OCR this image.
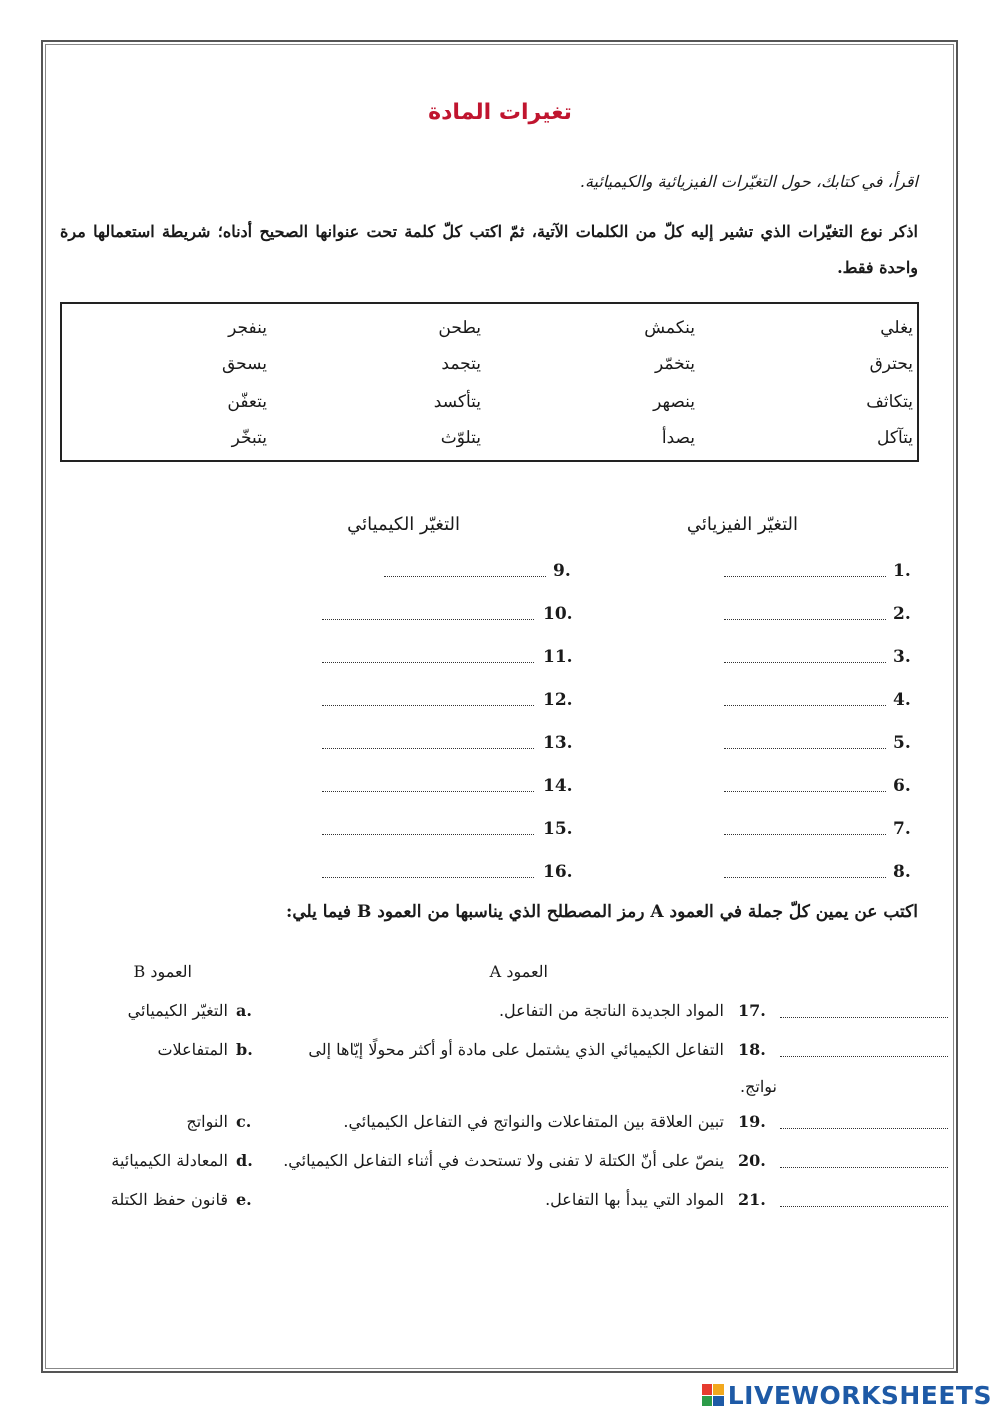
تغيرات المادة
اقرأ، في كتابك، حول التغيّرات الفيزيائية والكيميائية.
اذكر نوع التغيّرات الذي تشير إليه كلّ من الكلمات الآتية، ثمّ اكتب كلّ كلمة تحت عنوانها الصحيح أدناه؛ شريطة استعمالها مرة واحدة فقط.
يغلي
ينكمش
يطحن
ينفجر
يحترق
يتخمّر
يتجمد
يسحق
يتكاثف
ينصهر
يتأكسد
يتعفّن
يتآكل
يصدأ
يتلوّث
يتبخّر
التغيّر الفيزيائي
التغيّر الكيميائي
1.
2.
3.
4.
5.
6.
7.
8.
9.
10.
11.
12.
13.
14.
15.
16.
اكتب عن يمين كلّ جملة في العمود A رمز المصطلح الذي يناسبها من العمود B فيما يلي:
العمود A
العمود B
17.
المواد الجديدة الناتجة من التفاعل.
18.
التفاعل الكيميائي الذي يشتمل على مادة أو أكثر محولًا إيّاها إلى
نواتج.
19.
تبين العلاقة بين المتفاعلات والنواتج في التفاعل الكيميائي.
20.
ينصّ على أنّ الكتلة لا تفنى ولا تستحدث في أثناء التفاعل الكيميائي.
21.
المواد التي يبدأ بها التفاعل.
a.
التغيّر الكيميائي
b.
المتفاعلات
c.
النواتج
d.
المعادلة الكيميائية
e.
قانون حفظ الكتلة
LIVEWORKSHEETS
